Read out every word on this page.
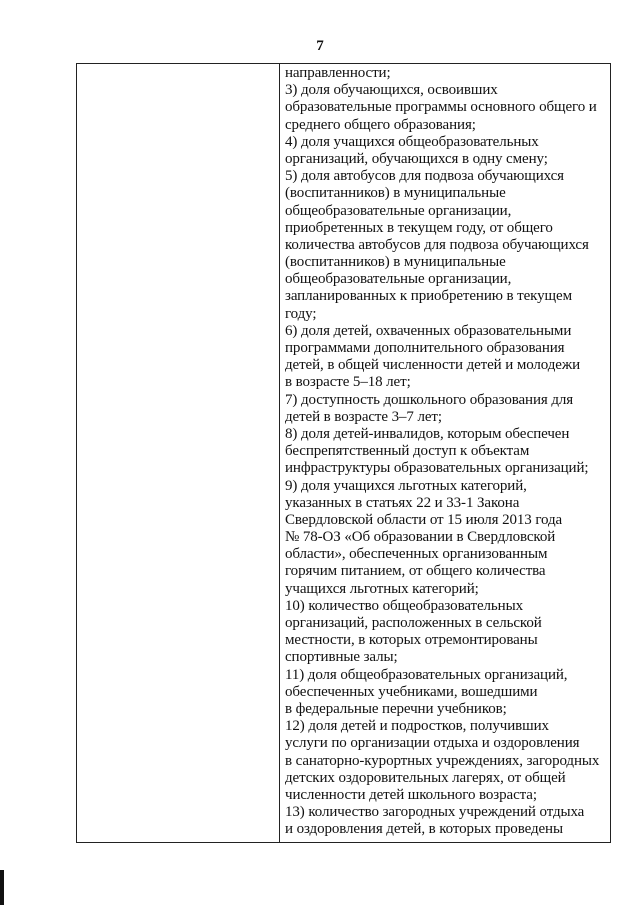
7
направленности;
3) доля обучающихся, освоивших
образовательные программы основного общего и
среднего общего образования;
4) доля учащихся общеобразовательных
организаций, обучающихся в одну смену;
5) доля автобусов для подвоза обучающихся
(воспитанников) в муниципальные
общеобразовательные организации,
приобретенных в текущем году, от общего
количества автобусов для подвоза обучающихся
(воспитанников) в муниципальные
общеобразовательные организации,
запланированных к приобретению в текущем
году;
6) доля детей, охваченных образовательными
программами дополнительного образования
детей, в общей численности детей и молодежи
в возрасте 5–18 лет;
7) доступность дошкольного образования для
детей в возрасте 3–7 лет;
8) доля детей-инвалидов, которым обеспечен
беспрепятственный доступ к объектам
инфраструктуры образовательных организаций;
9) доля учащихся льготных категорий,
указанных в статьях 22 и 33-1 Закона
Свердловской области от 15 июля 2013 года
№ 78-ОЗ «Об образовании в Свердловской
области», обеспеченных организованным
горячим питанием, от общего количества
учащихся льготных категорий;
10) количество общеобразовательных
организаций, расположенных в сельской
местности, в которых отремонтированы
спортивные залы;
11) доля общеобразовательных организаций,
обеспеченных учебниками, вошедшими
в федеральные перечни учебников;
12) доля детей и подростков, получивших
услуги по организации отдыха и оздоровления
в санаторно-курортных учреждениях, загородных
детских оздоровительных лагерях, от общей
численности детей школьного возраста;
13) количество загородных учреждений отдыха
и оздоровления детей, в которых проведены
